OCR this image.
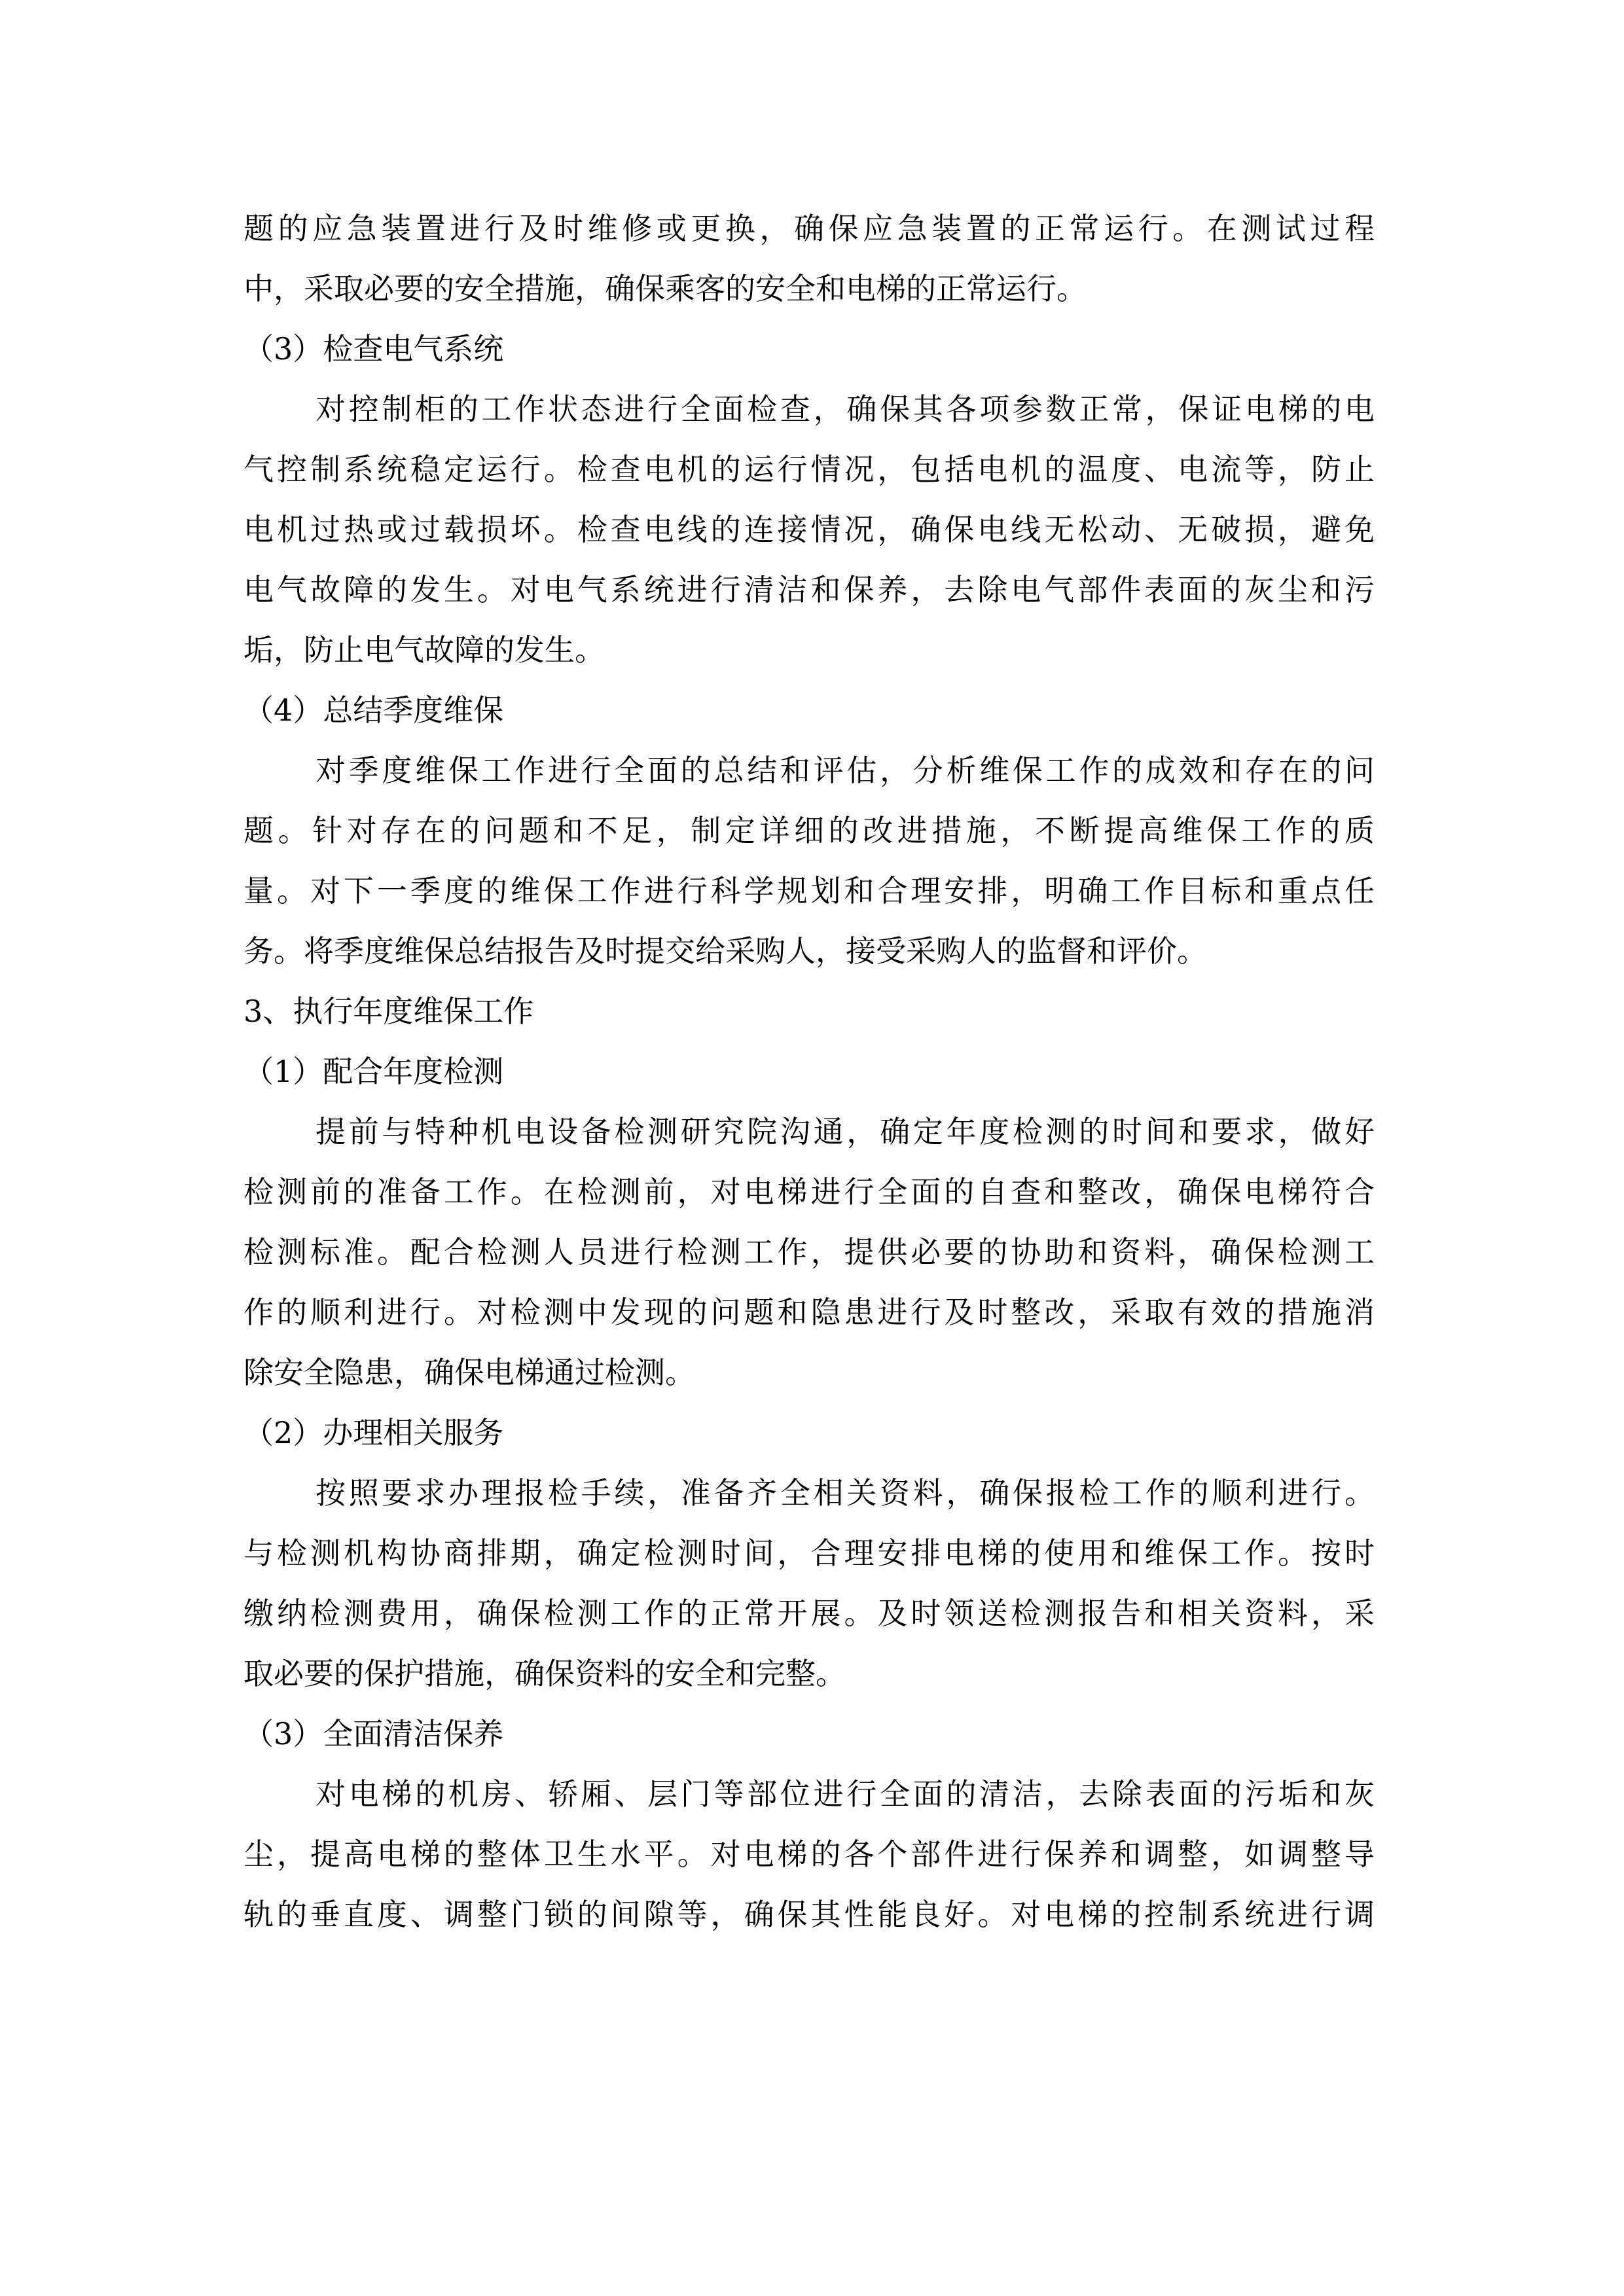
题的应急装置进行及时维修或更换，确保应急装置的正常运行。在测试过程
中，采取必要的安全措施，确保乘客的安全和电梯的正常运行。
（3）检查电气系统
对控制柜的工作状态进行全面检查，确保其各项参数正常，保证电梯的电
气控制系统稳定运行。检查电机的运行情况，包括电机的温度、电流等，防止
电机过热或过载损坏。检查电线的连接情况，确保电线无松动、无破损，避免
电气故障的发生。对电气系统进行清洁和保养，去除电气部件表面的灰尘和污
垢，防止电气故障的发生。
（4）总结季度维保
对季度维保工作进行全面的总结和评估，分析维保工作的成效和存在的问
题。针对存在的问题和不足，制定详细的改进措施，不断提高维保工作的质
量。对下一季度的维保工作进行科学规划和合理安排，明确工作目标和重点任
务。将季度维保总结报告及时提交给采购人，接受采购人的监督和评价。
3、执行年度维保工作
（1）配合年度检测
提前与特种机电设备检测研究院沟通，确定年度检测的时间和要求，做好
检测前的准备工作。在检测前，对电梯进行全面的自查和整改，确保电梯符合
检测标准。配合检测人员进行检测工作，提供必要的协助和资料，确保检测工
作的顺利进行。对检测中发现的问题和隐患进行及时整改，采取有效的措施消
除安全隐患，确保电梯通过检测。
（2）办理相关服务
按照要求办理报检手续，准备齐全相关资料，确保报检工作的顺利进行。
与检测机构协商排期，确定检测时间，合理安排电梯的使用和维保工作。按时
缴纳检测费用，确保检测工作的正常开展。及时领送检测报告和相关资料，采
取必要的保护措施，确保资料的安全和完整。
（3）全面清洁保养
对电梯的机房、轿厢、层门等部位进行全面的清洁，去除表面的污垢和灰
尘，提高电梯的整体卫生水平。对电梯的各个部件进行保养和调整，如调整导
轨的垂直度、调整门锁的间隙等，确保其性能良好。对电梯的控制系统进行调
